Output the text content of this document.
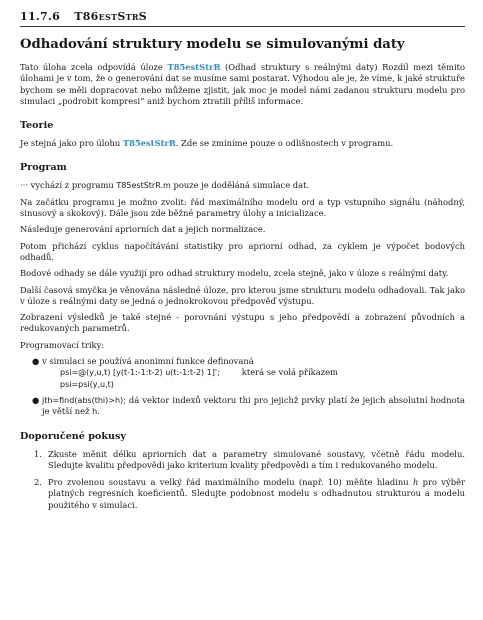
11.7.6 T86estStrS
Odhadování struktury modelu se simulovanými daty

Tato úloha zcela odpovídá úloze T85estStrR (Odhad struktury s reálnými daty) Rozdíl mezi těmito úlohami je v tom, že o generování dat se musíme sami postarat. Výhodou ale je, že víme, k jaké struktuře bychom se měli dopracovat nebo můžeme zjistit, jak moc je model námi zadanou strukturu modelu pro simulaci „podrobit kompresi“ aniž bychom ztratili příliš informace.

Teorie

Je stejná jako pro úlohu T85estStrR. Zde se zmíníme pouze o odlišnostech v programu.

Program

··· vychází z programu T85estStrR.m pouze je doděláná simulace dat.

Na začátku programu je možno zvolit: řád maximálního modelu ord a typ vstupního signálu (náhodný, sinusový a skokový). Dále jsou zde běžné parametry úlohy a inicializace.

Následuje generování apriorních dat a jejich normalizace.

Potom přichází cyklus napočítávání statistiky pro apriorní odhad, za cyklem je výpočet bodových odhadů.

Bodové odhady se dále využijí pro odhad struktury modelu, zcela stejně, jako v úloze s reálnými daty.

Další časová smyčka je věnována následné úloze, pro kterou jsme strukturu modelu odhadovali. Tak jako v úloze s reálnými daty se jedná o jednokrokovou předpověď výstupu.

Zobrazení výsledků je také stejné - porovnání výstupu s jeho předpovědí a zobrazení původních a redukovaných parametrů.

Programovací triky:

● v simulaci se používá anonimní funkce definovaná
psi=@(y,u,t) [y(t-1:-1:t-2) u(t:-1:t-2) 1]';	která se volá příkazem
psi=psi(y,u,t)
● jth=find(abs(thi)>h); dá vektor indexů vektoru thi pro jejichž prvky platí že jejich absolutní hodnota je větší než h.
Doporučené pokusy
1. Zkuste měnit délku apriorních dat a parametry simulované soustavy, včetně řádu modelu. Sledujte kvalitu předpovědi jako kriterium kvality předpovědi a tím i redukovaného modelu.
2. Pro zvolenou soustavu a velký řád maximálního modelu (např. 10) měňte hladinu h pro výběr platných regresních koeficientů. Sledujte podobnost modelu s odhadnutou strukturou a modelu použitého v simulaci.
